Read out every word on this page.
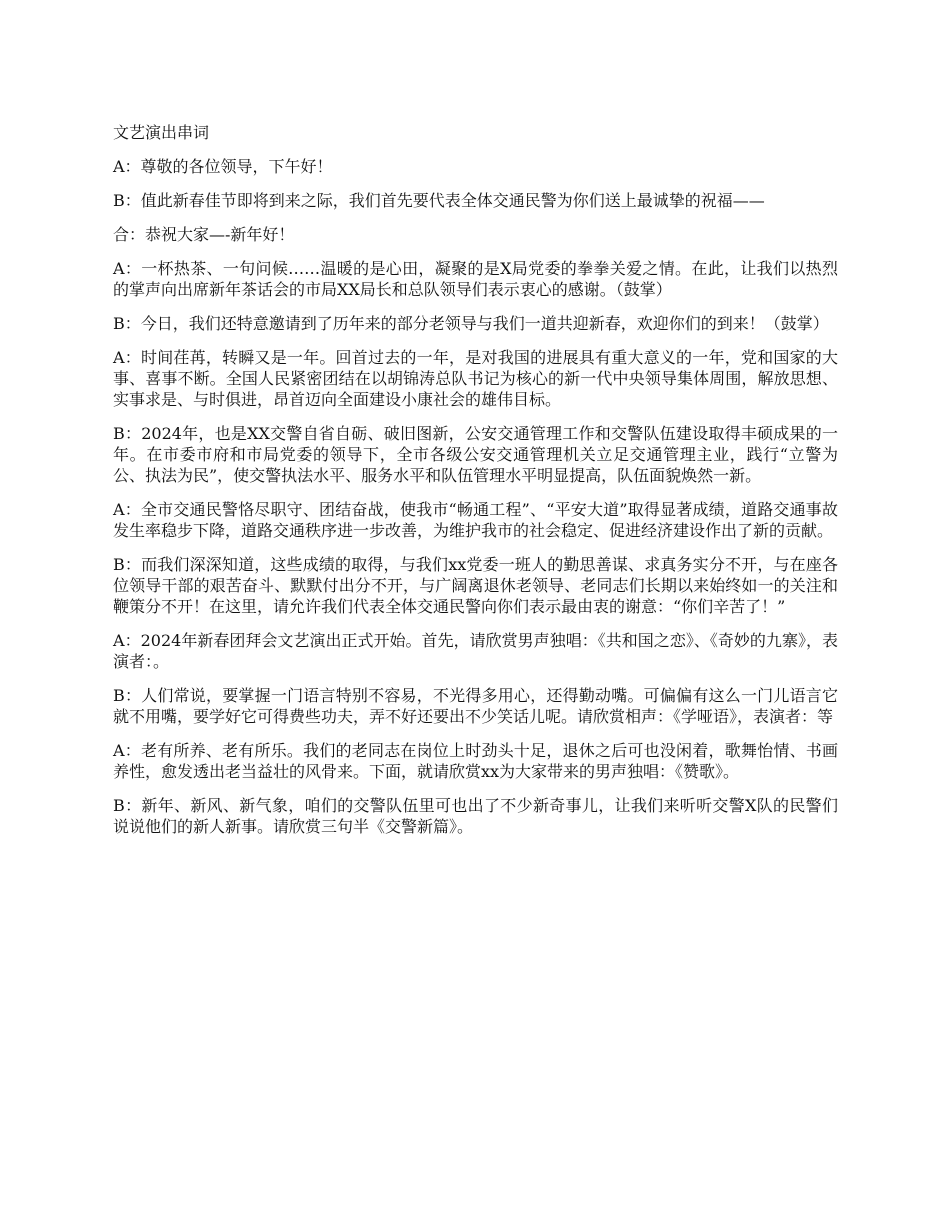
文艺演出串词

A：尊敬的各位领导，下午好！

B：值此新春佳节即将到来之际，我们首先要代表全体交通民警为你们送上最诚挚的祝福——

合：恭祝大家—-新年好！

A：一杯热茶、一句问候……温暖的是心田，凝聚的是X局党委的拳拳关爱之情。在此，让我们以热烈的掌声向出席新年茶话会的市局XX局长和总队领导们表示衷心的感谢。（鼓掌）

B：今日，我们还特意邀请到了历年来的部分老领导与我们一道共迎新春，欢迎你们的到来！（鼓掌）

A：时间荏苒，转瞬又是一年。回首过去的一年，是对我国的进展具有重大意义的一年，党和国家的大事、喜事不断。全国人民紧密团结在以胡锦涛总队书记为核心的新一代中央领导集体周围，解放思想、实事求是、与时俱进，昂首迈向全面建设小康社会的雄伟目标。

B：2024年，也是XX交警自省自砺、破旧图新，公安交通管理工作和交警队伍建设取得丰硕成果的一年。在市委市府和市局党委的领导下，全市各级公安交通管理机关立足交通管理主业，践行“立警为公、执法为民”，使交警执法水平、服务水平和队伍管理水平明显提高，队伍面貌焕然一新。

A：全市交通民警恪尽职守、团结奋战，使我市“畅通工程”、“平安大道”取得显著成绩，道路交通事故发生率稳步下降，道路交通秩序进一步改善，为维护我市的社会稳定、促进经济建设作出了新的贡献。

B：而我们深深知道，这些成绩的取得，与我们xx党委一班人的勤思善谋、求真务实分不开，与在座各位领导干部的艰苦奋斗、默默付出分不开，与广阔离退休老领导、老同志们长期以来始终如一的关注和鞭策分不开！在这里，请允许我们代表全体交通民警向你们表示最由衷的谢意：“你们辛苦了！”

A：2024年新春团拜会文艺演出正式开始。首先，请欣赏男声独唱：《共和国之恋》、《奇妙的九寨》，表演者：。

B：人们常说，要掌握一门语言特别不容易，不光得多用心，还得勤动嘴。可偏偏有这么一门儿语言它就不用嘴，要学好它可得费些功夫，弄不好还要出不少笑话儿呢。请欣赏相声：《学哑语》，表演者：等

A：老有所养、老有所乐。我们的老同志在岗位上时劲头十足，退休之后可也没闲着，歌舞怡情、书画养性，愈发透出老当益壮的风骨来。下面，就请欣赏xx为大家带来的男声独唱：《赞歌》。

B：新年、新风、新气象，咱们的交警队伍里可也出了不少新奇事儿，让我们来听听交警X队的民警们说说他们的新人新事。请欣赏三句半《交警新篇》。
